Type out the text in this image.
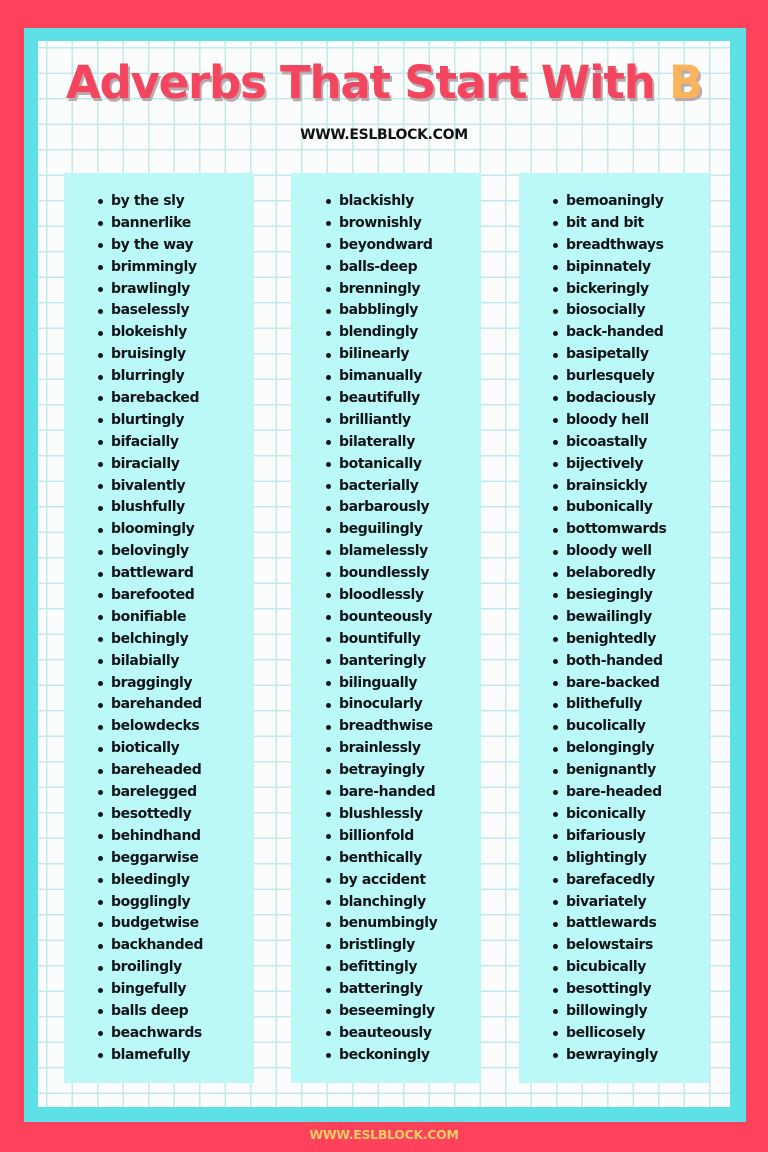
Adverbs That Start With B
WWW.ESLBLOCK.COM
by the sly
bannerlike
by the way
brimmingly
brawlingly
baselessly
blokeishly
bruisingly
blurringly
barebacked
blurtingly
bifacially
biracially
bivalently
blushfully
bloomingly
belovingly
battleward
barefooted
bonifiable
belchingly
bilabially
braggingly
barehanded
belowdecks
biotically
bareheaded
barelegged
besottedly
behindhand
beggarwise
bleedingly
bogglingly
budgetwise
backhanded
broilingly
bingefully
balls deep
beachwards
blamefully
blackishly
brownishly
beyondward
balls-deep
brenningly
babblingly
blendingly
bilinearly
bimanually
beautifully
brilliantly
bilaterally
botanically
bacterially
barbarously
beguilingly
blamelessly
boundlessly
bloodlessly
bounteously
bountifully
banteringly
bilingually
binocularly
breadthwise
brainlessly
betrayingly
bare-handed
blushlessly
billionfold
benthically
by accident
blanchingly
benumbingly
bristlingly
befittingly
batteringly
beseemingly
beauteously
beckoningly
bemoaningly
bit and bit
breadthways
bipinnately
bickeringly
biosocially
back-handed
basipetally
burlesquely
bodaciously
bloody hell
bicoastally
bijectively
brainsickly
bubonically
bottomwards
bloody well
belaboredly
besiegingly
bewailingly
benightedly
both-handed
bare-backed
blithefully
bucolically
belongingly
benignantly
bare-headed
biconically
bifariously
blightingly
barefacedly
bivariately
battlewards
belowstairs
bicubically
besottingly
billowingly
bellicosely
bewrayingly
WWW.ESLBLOCK.COM
